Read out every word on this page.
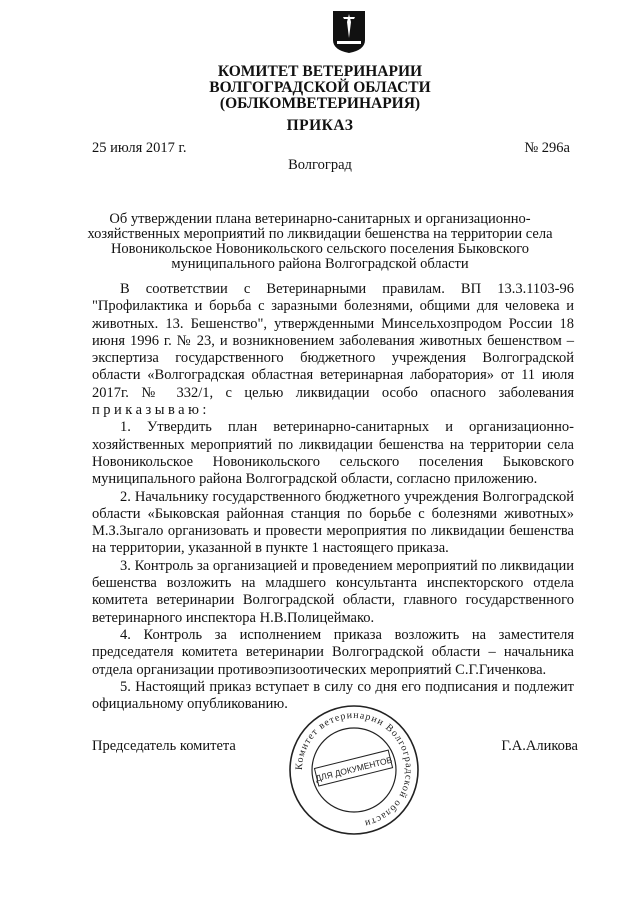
КОМИТЕТ ВЕТЕРИНАРИИ
ВОЛГОГРАДСКОЙ ОБЛАСТИ
(ОБЛКОМВЕТЕРИНАРИЯ)
ПРИКАЗ
25 июля 2017 г.	№ 296а
Волгоград
Об утверждении плана ветеринарно-санитарных и организационно-
хозяйственных мероприятий по ликвидации бешенства на территории села
Новоникольское Новоникольского сельского поселения Быковского
муниципального района Волгоградской области

В соответствии с Ветеринарными правилам. ВП 13.3.1103-96 "Профилактика и борьба с заразными болезнями, общими для человека и животных. 13. Бешенство", утвержденными Минсельхозпродом России 18 июня 1996 г. № 23, и возникновением заболевания животных бешенством – экспертиза государственного бюджетного учреждения Волгоградской области «Волгоградская областная ветеринарная лаборатория» от 11 июля 2017г. № 332/1, с целью ликвидации особо опасного заболевания приказываю:

1. Утвердить план ветеринарно-санитарных и организационно-хозяйственных мероприятий по ликвидации бешенства на территории села Новоникольское Новоникольского сельского поселения Быковского муниципального района Волгоградской области, согласно приложению.

2. Начальнику государственного бюджетного учреждения Волгоградской области «Быковская районная станция по борьбе с болезнями животных» М.З.Зыгало организовать и провести мероприятия по ликвидации бешенства на территории, указанной в пункте 1 настоящего приказа.

3. Контроль за организацией и проведением мероприятий по ликвидации бешенства возложить на младшего консультанта инспекторского отдела комитета ветеринарии Волгоградской области, главного государственного ветеринарного инспектора Н.В.Полицеймако.

4. Контроль за исполнением приказа возложить на заместителя председателя комитета ветеринарии Волгоградской области – начальника отдела организации противоэпизоотических мероприятий С.Г.Гиченкова.

5. Настоящий приказ вступает в силу со дня его подписания и подлежит официальному опубликованию.

Председатель комитета	Г.А.Аликова
Комитет ветеринарии Волгоградской области
ДЛЯ ДОКУМЕНТОВ
